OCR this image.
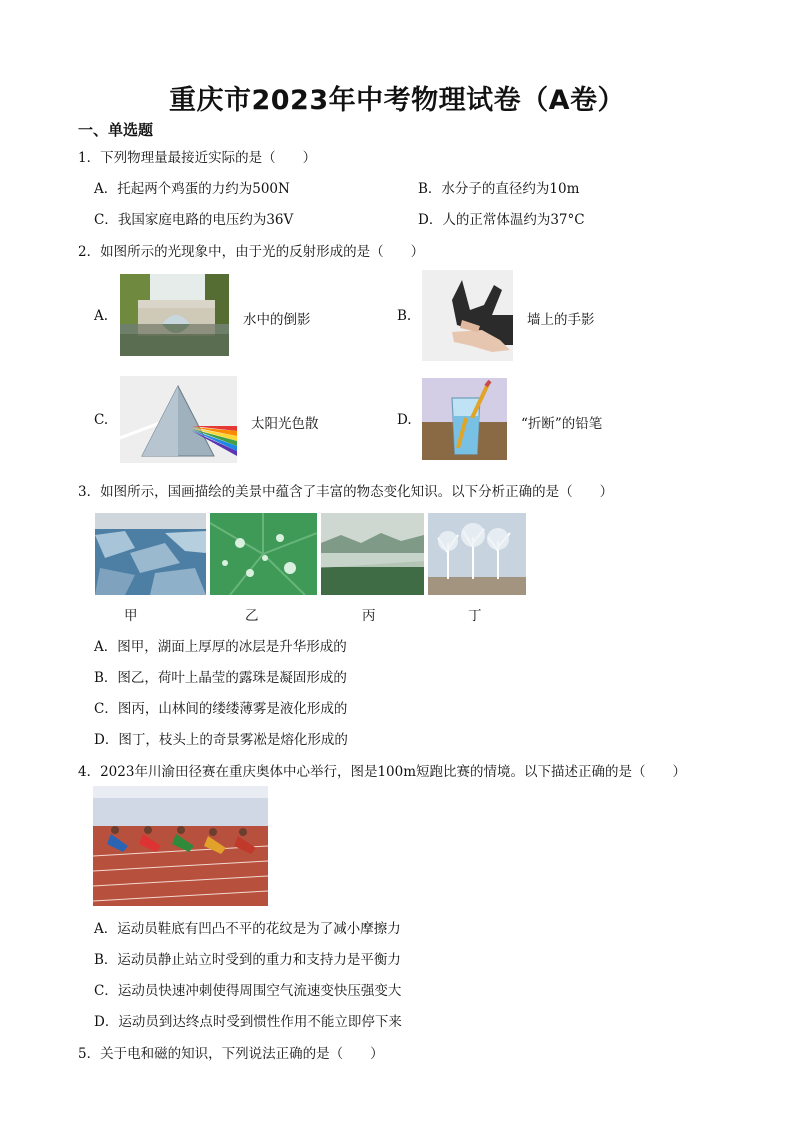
重庆市2023年中考物理试卷（A卷）
一、单选题
1．下列物理量最接近实际的是（　　）
A．托起两个鸡蛋的力约为500N	B．水分子的直径约为10m
C．我国家庭电路的电压约为36V	D．人的正常体温约为37°C
2．如图所示的光现象中，由于光的反射形成的是（　　）
A.	水中的倒影	B.	墙上的手影
C.	太阳光色散	D.	“折断”的铅笔
3．如图所示，国画描绘的美景中蕴含了丰富的物态变化知识。以下分析正确的是（　　）
甲	乙	丙	丁
A．图甲，湖面上厚厚的冰层是升华形成的
B．图乙，荷叶上晶莹的露珠是凝固形成的
C．图丙，山林间的缕缕薄雾是液化形成的
D．图丁，枝头上的奇景雾凇是熔化形成的
4．2023年川渝田径赛在重庆奥体中心举行，图是100m短跑比赛的情境。以下描述正确的是（　　）
A．运动员鞋底有凹凸不平的花纹是为了减小摩擦力
B．运动员静止站立时受到的重力和支持力是平衡力
C．运动员快速冲刺使得周围空气流速变快压强变大
D．运动员到达终点时受到惯性作用不能立即停下来
5．关于电和磁的知识，下列说法正确的是（　　）
